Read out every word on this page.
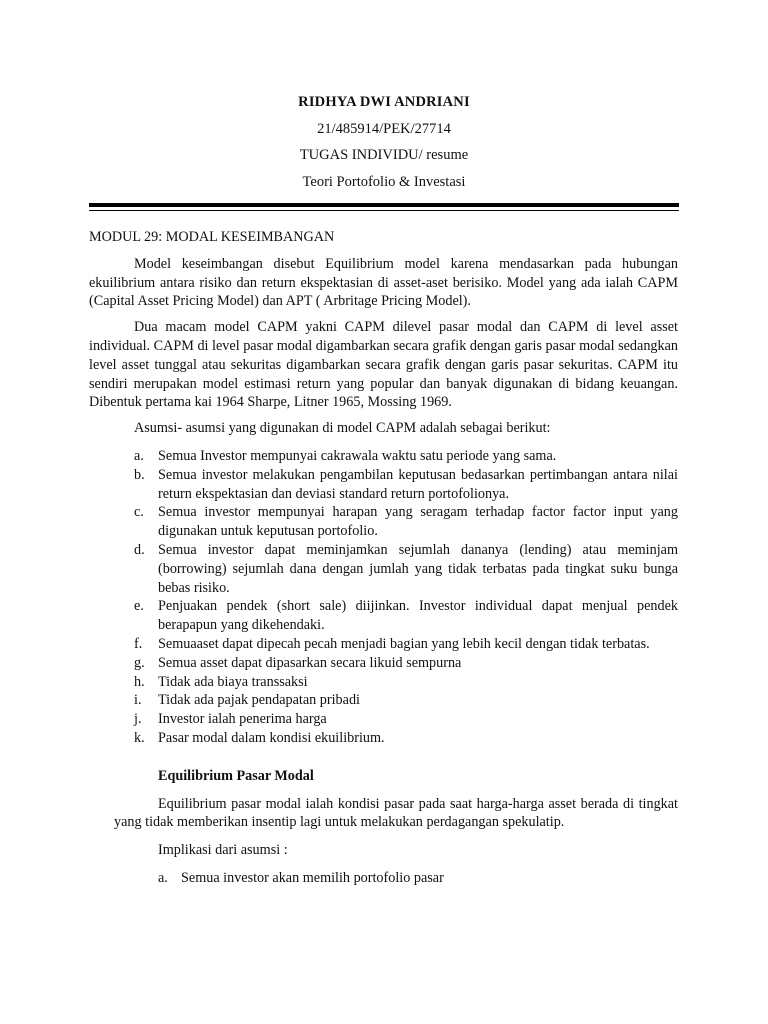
RIDHYA DWI ANDRIANI
21/485914/PEK/27714
TUGAS INDIVIDU/ resume
Teori Portofolio & Investasi

MODUL 29: MODAL KESEIMBANGAN

Model keseimbangan disebut Equilibrium model karena mendasarkan pada hubungan ekuilibrium antara risiko dan return ekspektasian di asset-aset berisiko. Model yang ada ialah CAPM (Capital Asset Pricing Model) dan APT ( Arbritage Pricing Model).

Dua macam model CAPM yakni CAPM dilevel pasar modal dan CAPM di level asset individual. CAPM di level pasar modal digambarkan secara grafik dengan garis pasar modal sedangkan level asset tunggal atau sekuritas digambarkan secara grafik dengan garis pasar sekuritas. CAPM itu sendiri merupakan model estimasi return yang popular dan banyak digunakan di bidang keuangan. Dibentuk pertama kai 1964 Sharpe, Litner 1965, Mossing 1969.

Asumsi- asumsi yang digunakan di model CAPM adalah sebagai berikut:

a. Semua Investor mempunyai cakrawala waktu satu periode yang sama.
b. Semua investor melakukan pengambilan keputusan bedasarkan pertimbangan antara nilai return ekspektasian dan deviasi standard return portofolionya.
c. Semua investor mempunyai harapan yang seragam terhadap factor factor input yang digunakan untuk keputusan portofolio.
d. Semua investor dapat meminjamkan sejumlah dananya (lending) atau meminjam (borrowing) sejumlah dana dengan jumlah yang tidak terbatas pada tingkat suku bunga bebas risiko.
e. Penjuakan pendek (short sale) diijinkan. Investor individual dapat menjual pendek berapapun yang dikehendaki.
f. Semuaaset dapat dipecah pecah menjadi bagian yang lebih kecil dengan tidak terbatas.
g. Semua asset dapat dipasarkan secara likuid sempurna
h. Tidak ada biaya transsaksi
i. Tidak ada pajak pendapatan pribadi
j. Investor ialah penerima harga
k. Pasar modal dalam kondisi ekuilibrium.

Equilibrium Pasar Modal

Equilibrium pasar modal ialah kondisi pasar pada saat harga-harga asset berada di tingkat yang tidak memberikan insentip lagi untuk melakukan perdagangan spekulatip.

Implikasi dari asumsi :

a. Semua investor akan memilih portofolio pasar
